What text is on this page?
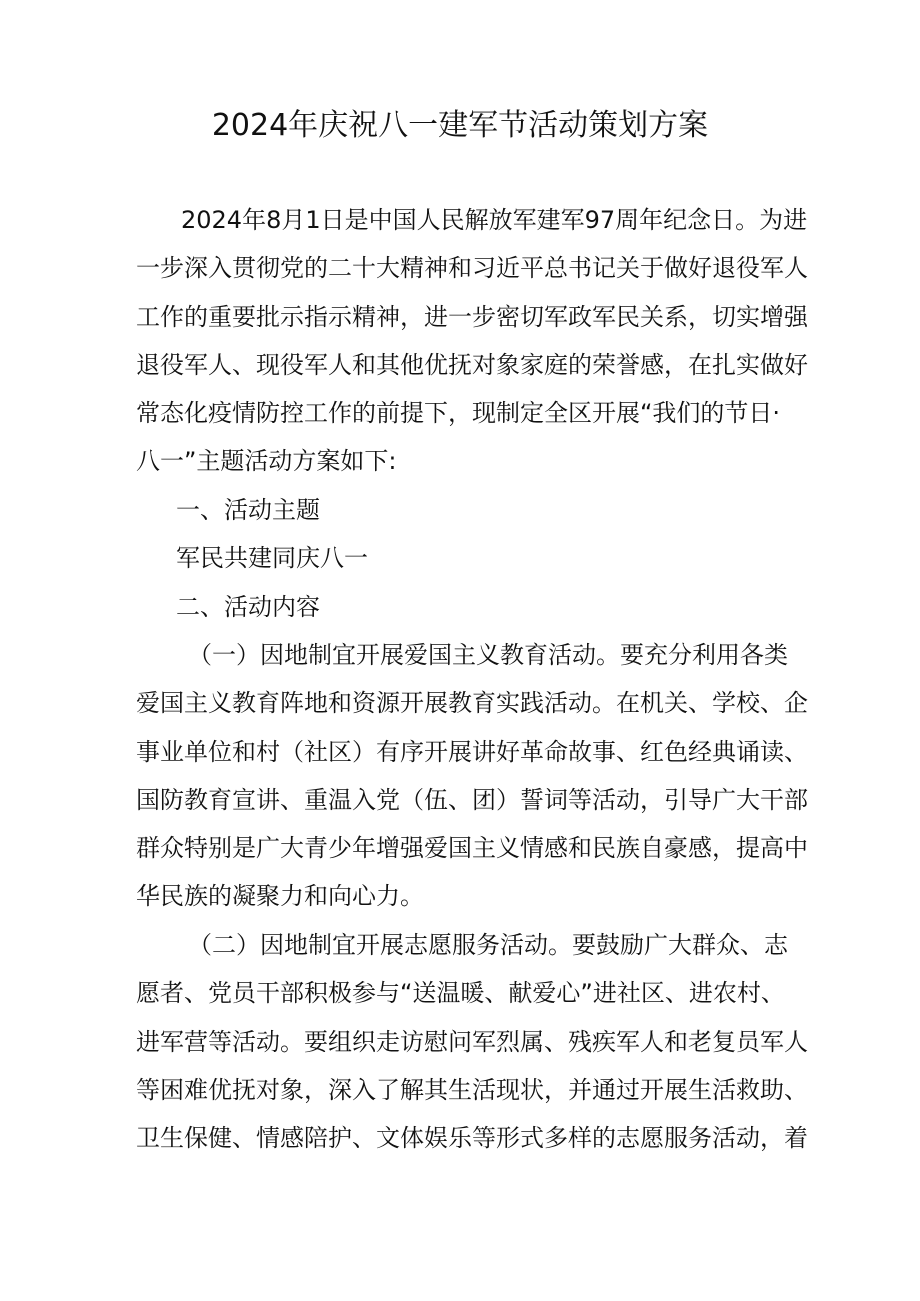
2024年庆祝八一建军节活动策划方案
2024年8月1日是中国人民解放军建军97周年纪念日。为进
一步深入贯彻党的二十大精神和习近平总书记关于做好退役军人
工作的重要批示指示精神，进一步密切军政军民关系，切实增强
退役军人、现役军人和其他优抚对象家庭的荣誉感，在扎实做好
常态化疫情防控工作的前提下，现制定全区开展“我们的节日·
八一”主题活动方案如下:
一、活动主题
军民共建同庆八一
二、活动内容
（一）因地制宜开展爱国主义教育活动。要充分利用各类
爱国主义教育阵地和资源开展教育实践活动。在机关、学校、企
事业单位和村（社区）有序开展讲好革命故事、红色经典诵读、
国防教育宣讲、重温入党（伍、团）誓词等活动，引导广大干部
群众特别是广大青少年增强爱国主义情感和民族自豪感，提高中
华民族的凝聚力和向心力。
（二）因地制宜开展志愿服务活动。要鼓励广大群众、志
愿者、党员干部积极参与“送温暖、献爱心”进社区、进农村、
进军营等活动。要组织走访慰问军烈属、残疾军人和老复员军人
等困难优抚对象，深入了解其生活现状，并通过开展生活救助、
卫生保健、情感陪护、文体娱乐等形式多样的志愿服务活动，着
